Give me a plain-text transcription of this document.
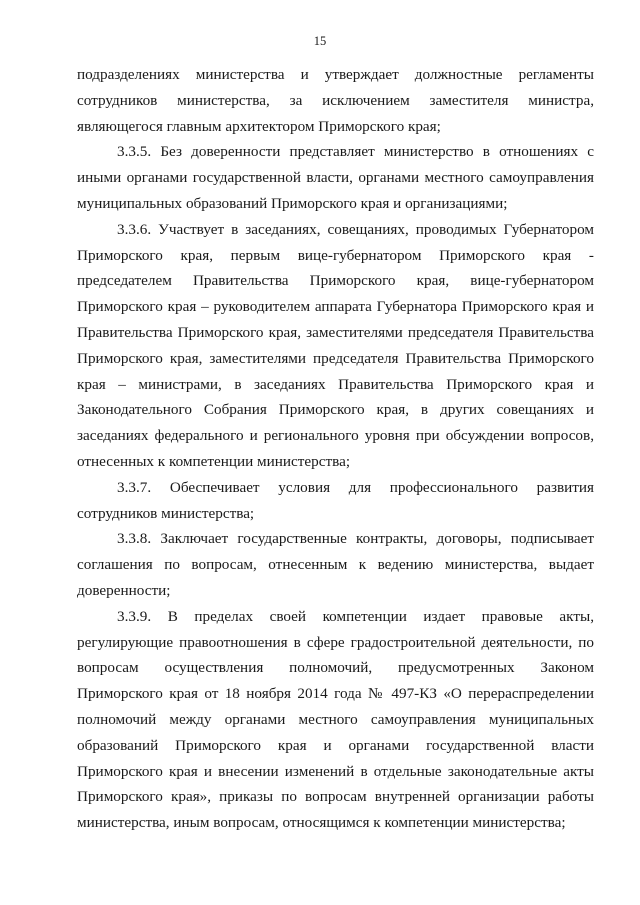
15

подразделениях министерства и утверждает должностные регламенты сотрудников министерства, за исключением заместителя министра, являющегося главным архитектором Приморского края;

3.3.5. Без доверенности представляет министерство в отношениях с иными органами государственной власти, органами местного самоуправления муниципальных образований Приморского края и организациями;

3.3.6. Участвует в заседаниях, совещаниях, проводимых Губернатором Приморского края, первым вице-губернатором Приморского края - председателем Правительства Приморского края, вице-губернатором Приморского края – руководителем аппарата Губернатора Приморского края и Правительства Приморского края, заместителями председателя Правительства Приморского края, заместителями председателя Правительства Приморского края – министрами, в заседаниях Правительства Приморского края и Законодательного Собрания Приморского края, в других совещаниях и заседаниях федерального и регионального уровня при обсуждении вопросов, отнесенных к компетенции министерства;

3.3.7. Обеспечивает условия для профессионального развития сотрудников министерства;

3.3.8. Заключает государственные контракты, договоры, подписывает соглашения по вопросам, отнесенным к ведению министерства, выдает доверенности;

3.3.9. В пределах своей компетенции издает правовые акты, регулирующие правоотношения в сфере градостроительной деятельности, по вопросам осуществления полномочий, предусмотренных Законом Приморского края от 18 ноября 2014 года № 497-КЗ «О перераспределении полномочий между органами местного самоуправления муниципальных образований Приморского края и органами государственной власти Приморского края и внесении изменений в отдельные законодательные акты Приморского края», приказы по вопросам внутренней организации работы министерства, иным вопросам, относящимся к компетенции министерства;
